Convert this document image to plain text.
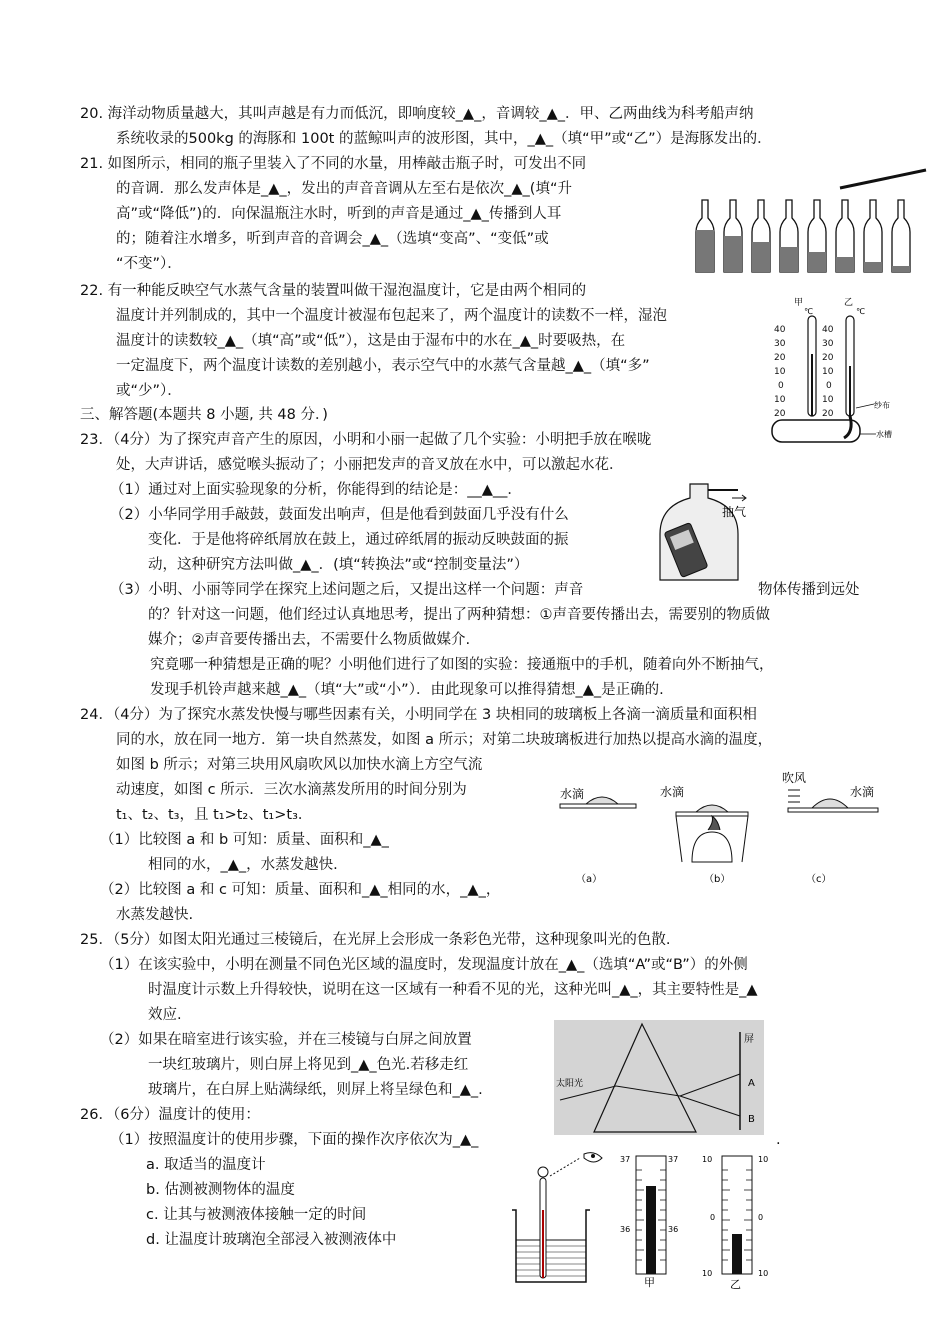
20. 海洋动物质量越大，其叫声越是有力而低沉，即响度较_▲_，音调较_▲_．甲、乙两曲线为科考船声纳
系统收录的500kg 的海豚和 100t 的蓝鲸叫声的波形图，其中，_▲_（填“甲”或“乙”）是海豚发出的．
21. 如图所示，相同的瓶子里装入了不同的水量，用棒敲击瓶子时，可发出不同
的音调．那么发声体是_▲_，发出的声音音调从左至右是依次_▲_(填“升
高”或“降低”)的．向保温瓶注水时，听到的声音是通过_▲_传播到人耳
的；随着注水增多，听到声音的音调会_▲_（选填“变高”、“变低”或
“不变”）．
22. 有一种能反映空气水蒸气含量的装置叫做干湿泡温度计，它是由两个相同的
温度计并列制成的，其中一个温度计被湿布包起来了，两个温度计的读数不一样，湿泡
温度计的读数较_▲_（填“高”或“低”），这是由于湿布中的水在_▲_时要吸热，在
一定温度下，两个温度计读数的差别越小，表示空气中的水蒸气含量越_▲_（填“多”
或“少”）．
甲
℃
乙
℃
40
30
20
10
0
10
20
40
30
20
10
0
10
20
纱布
水槽
三、解答题(本题共 8 小题, 共 48 分．)
23．（4分）为了探究声音产生的原因，小明和小丽一起做了几个实验：小明把手放在喉咙
处，大声讲话，感觉喉头振动了；小丽把发声的音叉放在水中，可以激起水花．
（1）通过对上面实验现象的分析，你能得到的结论是：__▲__．
（2）小华同学用手敲鼓，鼓面发出响声，但是他看到鼓面几乎没有什么
变化．于是他将碎纸屑放在鼓上，通过碎纸屑的振动反映鼓面的振
动，这种研究方法叫做_▲_．(填“转换法”或“控制变量法”）
（3）小明、小丽等同学在探究上述问题之后，又提出这样一个问题：声音	物体传播到远处
的？针对这一问题，他们经过认真地思考，提出了两种猜想：①声音要传播出去，需要别的物质做
媒介；②声音要传播出去，不需要什么物质做媒介.
究竟哪一种猜想是正确的呢？小明他们进行了如图的实验：接通瓶中的手机，随着向外不断抽气，
发现手机铃声越来越_▲_（填“大”或“小”）．由此现象可以推得猜想_▲_是正确的.
抽气
24．（4分）为了探究水蒸发快慢与哪些因素有关，小明同学在 3 块相同的玻璃板上各滴一滴质量和面积相
同的水，放在同一地方．第一块自然蒸发，如图 a 所示；对第二块玻璃板进行加热以提高水滴的温度，
如图 b 所示；对第三块用风扇吹风以加快水滴上方空气流
动速度，如图 c 所示．三次水滴蒸发所用的时间分别为
t₁、t₂、t₃，且 t₁>t₂、t₁>t₃．
（1）比较图 a 和 b 可知：质量、面积和_▲_
相同的水，_▲_，水蒸发越快.
（2）比较图 a 和 c 可知：质量、面积和_▲_相同的水，_▲_，
水蒸发越快.
水滴
（a）
水滴
（b）
吹风
水滴
（c）
25．（5分）如图太阳光通过三棱镜后，在光屏上会形成一条彩色光带，这种现象叫光的色散.
（1）在该实验中，小明在测量不同色光区域的温度时，发现温度计放在_▲_（选填“A”或“B”）的外侧
时温度计示数上升得较快，说明在这一区域有一种看不见的光，这种光叫_▲_，其主要特性是_▲
效应.
（2）如果在暗室进行该实验，并在三棱镜与白屏之间放置
一块红玻璃片，则白屏上将见到_▲_色光.若移走红
玻璃片，在白屏上贴满绿纸，则屏上将呈绿色和_▲_.
屏
太阳光	A
B
26．（6分）温度计的使用：
（1）按照温度计的使用步骤，下面的操作次序依次为_▲_	.
a. 取适当的温度计
b. 估测被测物体的温度
c. 让其与被测液体接触一定的时间
d. 让温度计玻璃泡全部浸入被测液体中
37	37
36	36
甲
10	10
0	0
10	10
乙
